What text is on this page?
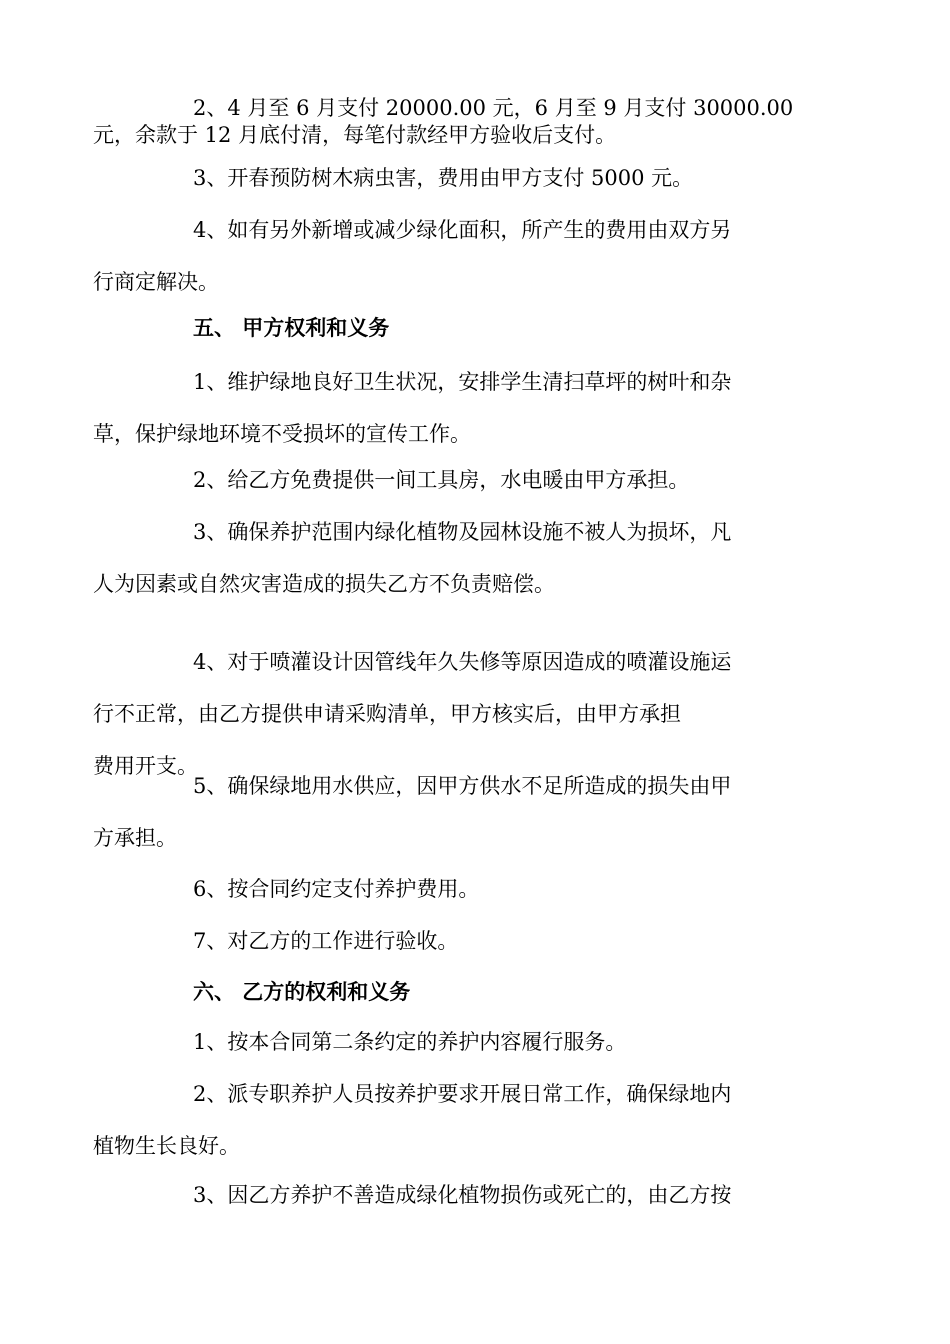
2、4 月至 6 月支付 20000.00 元，6 月至 9 月支付 30000.00
元，余款于 12 月底付清，每笔付款经甲方验收后支付。

3、开春预防树木病虫害，费用由甲方支付 5000 元。

4、如有另外新增或减少绿化面积，所产生的费用由双方另
行商定解决。

五、 甲方权利和义务

1、维护绿地良好卫生状况，安排学生清扫草坪的树叶和杂
草，保护绿地环境不受损坏的宣传工作。

2、给乙方免费提供一间工具房，水电暖由甲方承担。

3、确保养护范围内绿化植物及园林设施不被人为损坏，凡
人为因素或自然灾害造成的损失乙方不负责赔偿。

4、对于喷灌设计因管线年久失修等原因造成的喷灌设施运
行不正常，由乙方提供申请采购清单，甲方核实后，由甲方承担
费用开支。

5、确保绿地用水供应，因甲方供水不足所造成的损失由甲
方承担。

6、按合同约定支付养护费用。

7、对乙方的工作进行验收。

六、 乙方的权利和义务

1、按本合同第二条约定的养护内容履行服务。

2、派专职养护人员按养护要求开展日常工作，确保绿地内
植物生长良好。

3、因乙方养护不善造成绿化植物损伤或死亡的，由乙方按
